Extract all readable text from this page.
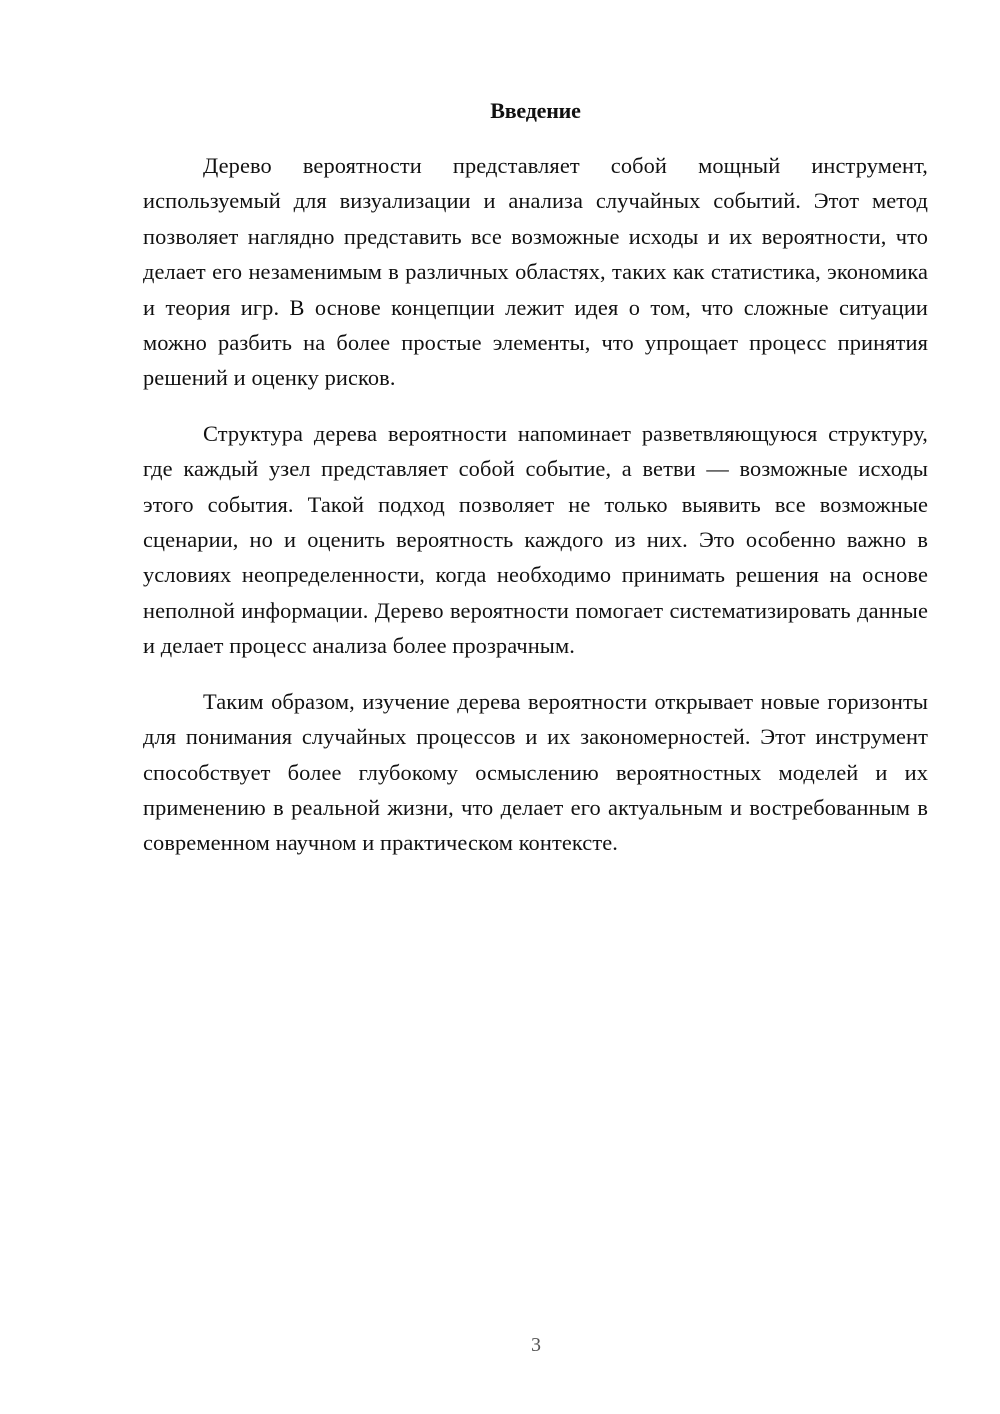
Введение

Дерево вероятности представляет собой мощный инструмент, используемый для визуализации и анализа случайных событий. Этот метод позволяет наглядно представить все возможные исходы и их вероятности, что делает его незаменимым в различных областях, таких как статистика, экономика и теория игр. В основе концепции лежит идея о том, что сложные ситуации можно разбить на более простые элементы, что упрощает процесс принятия решений и оценку рисков.

Структура дерева вероятности напоминает разветвляющуюся структуру, где каждый узел представляет собой событие, а ветви — возможные исходы этого события. Такой подход позволяет не только выявить все возможные сценарии, но и оценить вероятность каждого из них. Это особенно важно в условиях неопределенности, когда необходимо принимать решения на основе неполной информации. Дерево вероятности помогает систематизировать данные и делает процесс анализа более прозрачным.

Таким образом, изучение дерева вероятности открывает новые горизонты для понимания случайных процессов и их закономерностей. Этот инструмент способствует более глубокому осмыслению вероятностных моделей и их применению в реальной жизни, что делает его актуальным и востребованным в современном научном и практическом контексте.

3
